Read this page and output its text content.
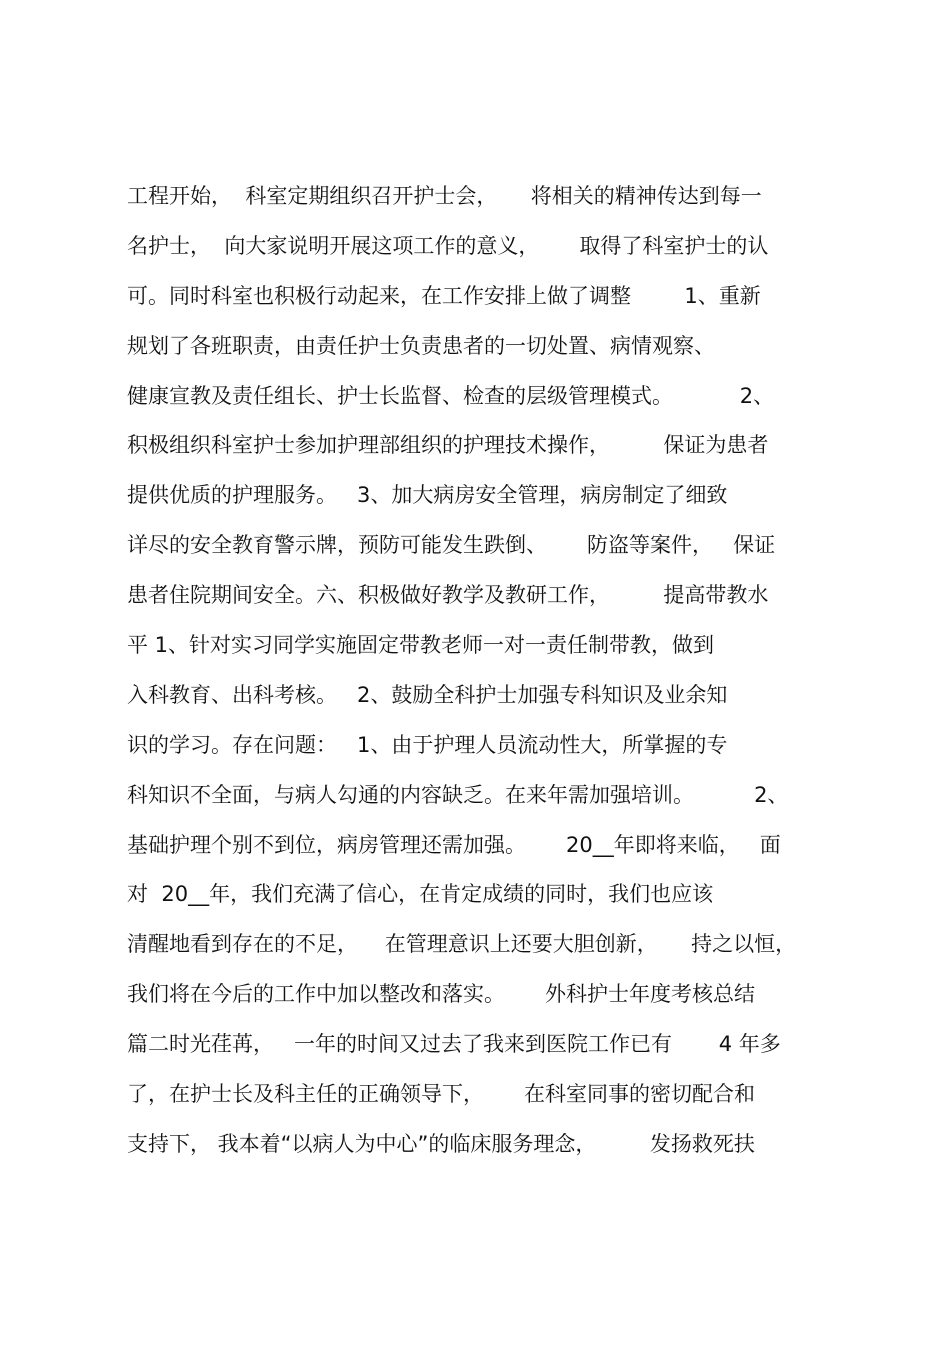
工程开始，  科室定期组织召开护士会，     将相关的精神传达到每一
名护士，  向大家说明开展这项工作的意义，      取得了科室护士的认
可。同时科室也积极行动起来，在工作安排上做了调整        1、重新
规划了各班职责，由责任护士负责患者的一切处置、病情观察、
健康宣教及责任组长、护士长监督、检查的层级管理模式。          2、
积极组织科室护士参加护理部组织的护理技术操作，        保证为患者
提供优质的护理服务。   3、加大病房安全管理，病房制定了细致
详尽的安全教育警示牌，预防可能发生跌倒、      防盗等案件，   保证
患者住院期间安全。六、积极做好教学及教研工作，        提高带教水
平 1、针对实习同学实施固定带教老师一对一责任制带教，做到
入科教育、出科考核。   2、鼓励全科护士加强专科知识及业余知
识的学习。存在问题：   1、由于护理人员流动性大，所掌握的专
科知识不全面，与病人勾通的内容缺乏。在来年需加强培训。         2、
基础护理个别不到位，病房管理还需加强。      20__年即将来临，   面
对  20__年，我们充满了信心，在肯定成绩的同时，我们也应该
清醒地看到存在的不足，    在管理意识上还要大胆创新，     持之以恒，
我们将在今后的工作中加以整改和落实。      外科护士年度考核总结
篇二时光荏苒，   一年的时间又过去了我来到医院工作已有       4 年多
了，在护士长及科主任的正确领导下，      在科室同事的密切配合和
支持下， 我本着“以病人为中心”的临床服务理念，        发扬救死扶
